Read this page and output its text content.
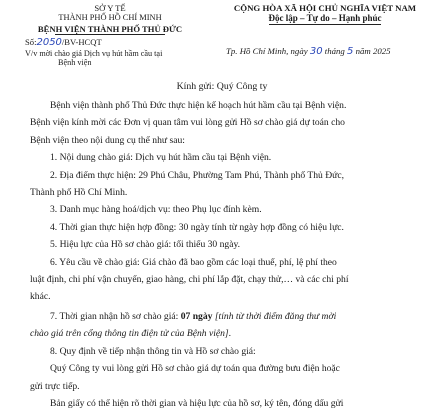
SỞ Y TẾ
THÀNH PHỐ HỒ CHÍ MINH
BỆNH VIỆN THÀNH PHỐ THỦ ĐỨC
Số:2050/BV-HCQT
V/v mời chào giá Dịch vụ hút hầm cầu tại
Bệnh viện
CỘNG HÒA XÃ HỘI CHỦ NGHĨA VIỆT NAM
Độc lập – Tự do – Hạnh phúc
Tp. Hồ Chí Minh, ngày 30 tháng 5 năm 2025
Kính gửi: Quý Công ty
Bệnh viện thành phố Thủ Đức thực hiện kế hoạch hút hầm cầu tại Bệnh viện.
Bệnh viện kính mời các Đơn vị quan tâm vui lòng gửi Hồ sơ chào giá dự toán cho
Bệnh viện theo nội dung cụ thể như sau:
1. Nội dung chào giá: Dịch vụ hút hầm cầu tại Bệnh viện.
2. Địa điểm thực hiện: 29 Phú Châu, Phường Tam Phú, Thành phố Thủ Đức,
Thành phố Hồ Chí Minh.
3. Danh mục hàng hoá/dịch vụ: theo Phụ lục đính kèm.
4. Thời gian thực hiện hợp đồng: 30 ngày tính từ ngày hợp đồng có hiệu lực.
5. Hiệu lực của Hồ sơ chào giá: tối thiểu 30 ngày.
6. Yêu cầu về chào giá: Giá chào đã bao gồm các loại thuế, phí, lệ phí theo
luật định, chi phí vận chuyển, giao hàng, chi phí lắp đặt, chạy thử,… và các chi phí
khác.
7. Thời gian nhận hồ sơ chào giá: 07 ngày [tính từ thời điểm đăng thư mời
chào giá trên cổng thông tin điện tử của Bệnh viện].
8. Quy định về tiếp nhận thông tin và Hồ sơ chào giá:
Quý Công ty vui lòng gửi Hồ sơ chào giá dự toán qua đường bưu điện hoặc
gửi trực tiếp.
Bản giấy có thể hiện rõ thời gian và hiệu lực của hồ sơ, ký tên, đóng dấu gửi
